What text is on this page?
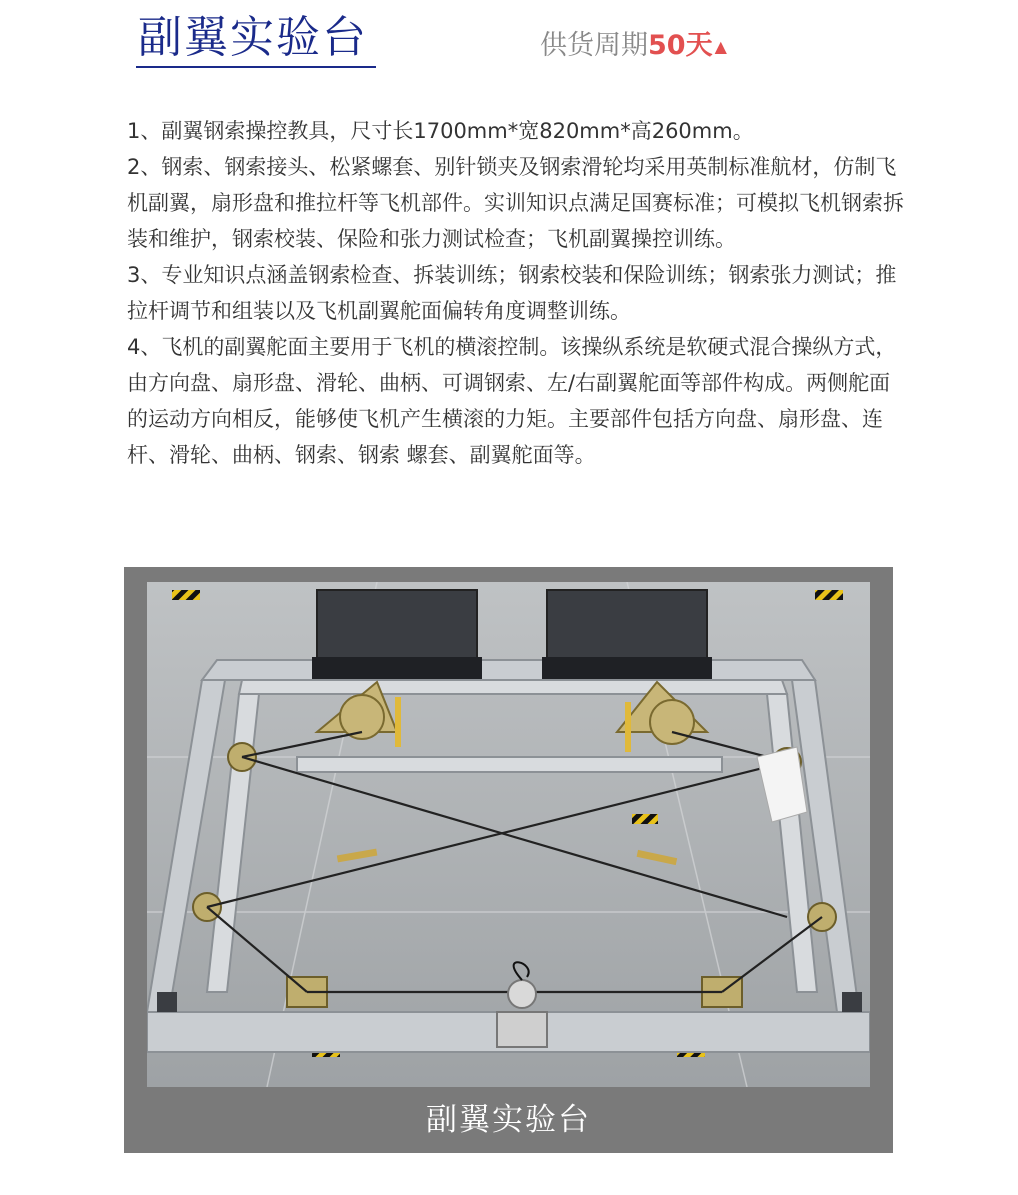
副翼实验台	供货周期50天 ▲

1、副翼钢索操控教具，尺寸长1700mm*宽820mm*高260mm。

2、钢索、钢索接头、松紧螺套、别针锁夹及钢索滑轮均采用英制标准航材，仿制飞机副翼，扇形盘和推拉杆等飞机部件。实训知识点满足国赛标准；可模拟飞机钢索拆装和维护，钢索校装、保险和张力测试检查；飞机副翼操控训练。

3、专业知识点涵盖钢索检查、拆装训练；钢索校装和保险训练；钢索张力测试；推拉杆调节和组装以及飞机副翼舵面偏转角度调整训练。

4、飞机的副翼舵面主要用于飞机的横滚控制。该操纵系统是软硬式混合操纵方式，由方向盘、扇形盘、滑轮、曲柄、可调钢索、左/右副翼舵面等部件构成。两侧舵面的运动方向相反，能够使飞机产生横滚的力矩。主要部件包括方向盘、扇形盘、连杆、滑轮、曲柄、钢索、钢索 螺套、副翼舵面等。

副翼实验台
